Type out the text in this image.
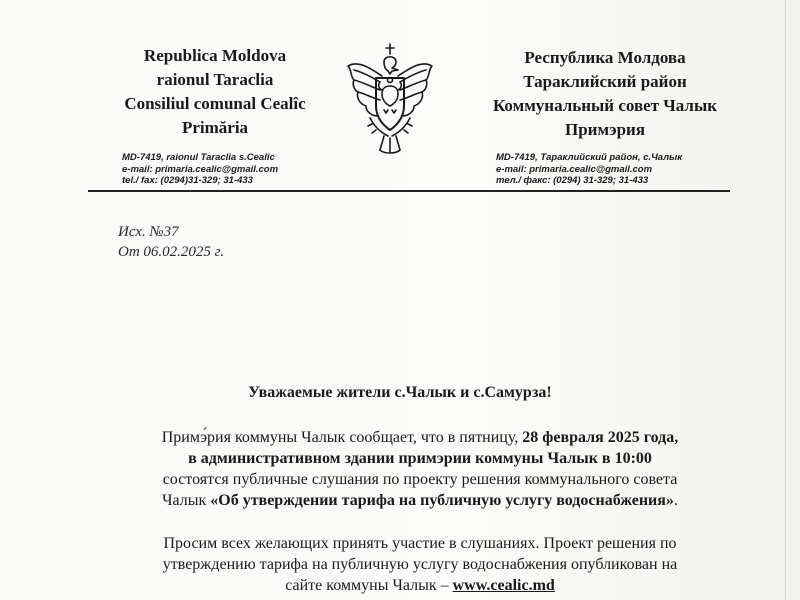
Republica Moldova
raionul Taraclia
Consiliul comunal Cealîc
Primăria
MD-7419, raionul Taraclia s.Cealîc
e-mail: primaria.cealic@gmail.com
tel./ fax: (0294)31-329; 31-433
Республика Молдова
Тараклийский район
Коммунальный совет Чалык
Примэрия
MD-7419, Тараклийский район, с.Чалык
e-mail: primaria.cealic@gmail.com
тел./ факс: (0294) 31-329; 31-433
Исх. №37
От 06.02.2025 г.
Уважаемые жители с.Чалык и с.Самурза!
Примэ́рия коммуны Чалык сообщает, что в пятницу, 28 февраля 2025 года,
в административном здании примэрии коммуны Чалык в 10:00
состоятся публичные слушания по проекту решения коммунального совета
Чалык «Об утверждении тарифа на публичную услугу водоснабжения».
Просим всех желающих принять участие в слушаниях. Проект решения по
утверждению тарифа на публичную услугу водоснабжения опубликован на
сайте коммуны Чалык – www.cealic.md
